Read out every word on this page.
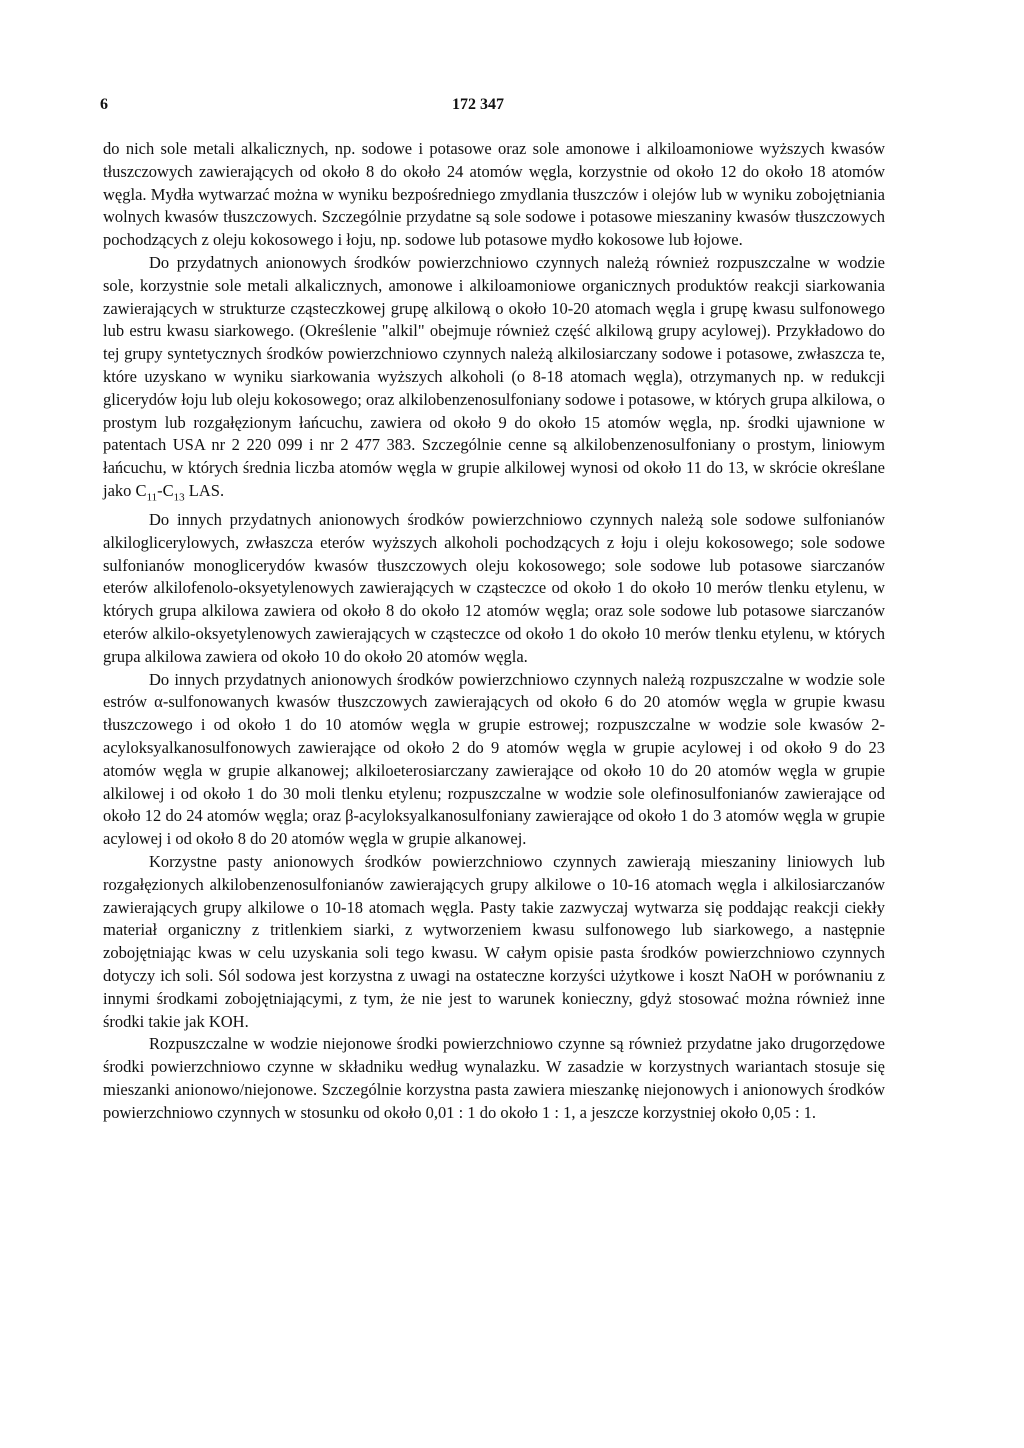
6	172 347

do nich sole metali alkalicznych, np. sodowe i potasowe oraz sole amonowe i alkiloamoniowe wyższych kwasów tłuszczowych zawierających od około 8 do około 24 atomów węgla, korzystnie od około 12 do około 18 atomów węgla. Mydła wytwarzać można w wyniku bezpośredniego zmydlania tłuszczów i olejów lub w wyniku zobojętniania wolnych kwasów tłuszczowych. Szczególnie przydatne są sole sodowe i potasowe mieszaniny kwasów tłuszczowych pochodzących z oleju kokosowego i łoju, np. sodowe lub potasowe mydło kokosowe lub łojowe.

Do przydatnych anionowych środków powierzchniowo czynnych należą również rozpuszczalne w wodzie sole, korzystnie sole metali alkalicznych, amonowe i alkiloamoniowe organicznych produktów reakcji siarkowania zawierających w strukturze cząsteczkowej grupę alkilową o około 10-20 atomach węgla i grupę kwasu sulfonowego lub estru kwasu siarkowego. (Określenie "alkil" obejmuje również część alkilową grupy acylowej). Przykładowo do tej grupy syntetycznych środków powierzchniowo czynnych należą alkilosiarczany sodowe i potasowe, zwłaszcza te, które uzyskano w wyniku siarkowania wyższych alkoholi (o 8-18 atomach węgla), otrzymanych np. w redukcji glicerydów łoju lub oleju kokosowego; oraz alkilobenzenosulfoniany sodowe i potasowe, w których grupa alkilowa, o prostym lub rozgałęzionym łańcuchu, zawiera od około 9 do około 15 atomów węgla, np. środki ujawnione w patentach USA nr 2 220 099 i nr 2 477 383. Szczególnie cenne są alkilobenzenosulfoniany o prostym, liniowym łańcuchu, w których średnia liczba atomów węgla w grupie alkilowej wynosi od około 11 do 13, w skrócie określane jako $C_{11}-C_{13}$ LAS.

Do innych przydatnych anionowych środków powierzchniowo czynnych należą sole sodowe sulfonianów alkiloglicerylowych, zwłaszcza eterów wyższych alkoholi pochodzących z łoju i oleju kokosowego; sole sodowe sulfonianów monoglicerydów kwasów tłuszczowych oleju kokosowego; sole sodowe lub potasowe siarczanów eterów alkilofenolo-oksyetylenowych zawierających w cząsteczce od około 1 do około 10 merów tlenku etylenu, w których grupa alkilowa zawiera od około 8 do około 12 atomów węgla; oraz sole sodowe lub potasowe siarczanów eterów alkilo-oksyetylenowych zawierających w cząsteczce od około 1 do około 10 merów tlenku etylenu, w których grupa alkilowa zawiera od około 10 do około 20 atomów węgla.

Do innych przydatnych anionowych środków powierzchniowo czynnych należą rozpuszczalne w wodzie sole estrów α-sulfonowanych kwasów tłuszczowych zawierających od około 6 do 20 atomów węgla w grupie kwasu tłuszczowego i od około 1 do 10 atomów węgla w grupie estrowej; rozpuszczalne w wodzie sole kwasów 2-acyloksyalkanosulfonowych zawierające od około 2 do 9 atomów węgla w grupie acylowej i od około 9 do 23 atomów węgla w grupie alkanowej; alkiloeterosiarczany zawierające od około 10 do 20 atomów węgla w grupie alkilowej i od około 1 do 30 moli tlenku etylenu; rozpuszczalne w wodzie sole olefinosulfonianów zawierające od około 12 do 24 atomów węgla; oraz β-acyloksyalkanosulfoniany zawierające od około 1 do 3 atomów węgla w grupie acylowej i od około 8 do 20 atomów węgla w grupie alkanowej.

Korzystne pasty anionowych środków powierzchniowo czynnych zawierają mieszaniny liniowych lub rozgałęzionych alkilobenzenosulfonianów zawierających grupy alkilowe o 10-16 atomach węgla i alkilosiarczanów zawierających grupy alkilowe o 10-18 atomach węgla. Pasty takie zazwyczaj wytwarza się poddając reakcji ciekły materiał organiczny z tritlenkiem siarki, z wytworzeniem kwasu sulfonowego lub siarkowego, a następnie zobojętniając kwas w celu uzyskania soli tego kwasu. W całym opisie pasta środków powierzchniowo czynnych dotyczy ich soli. Sól sodowa jest korzystna z uwagi na ostateczne korzyści użytkowe i koszt NaOH w porównaniu z innymi środkami zobojętniającymi, z tym, że nie jest to warunek konieczny, gdyż stosować można również inne środki takie jak KOH.

Rozpuszczalne w wodzie niejonowe środki powierzchniowo czynne są również przydatne jako drugorzędowe środki powierzchniowo czynne w składniku według wynalazku. W zasadzie w korzystnych wariantach stosuje się mieszanki anionowo/niejonowe. Szczególnie korzystna pasta zawiera mieszankę niejonowych i anionowych środków powierzchniowo czynnych w stosunku od około 0,01 : 1 do około 1 : 1, a jeszcze korzystniej około 0,05 : 1.
